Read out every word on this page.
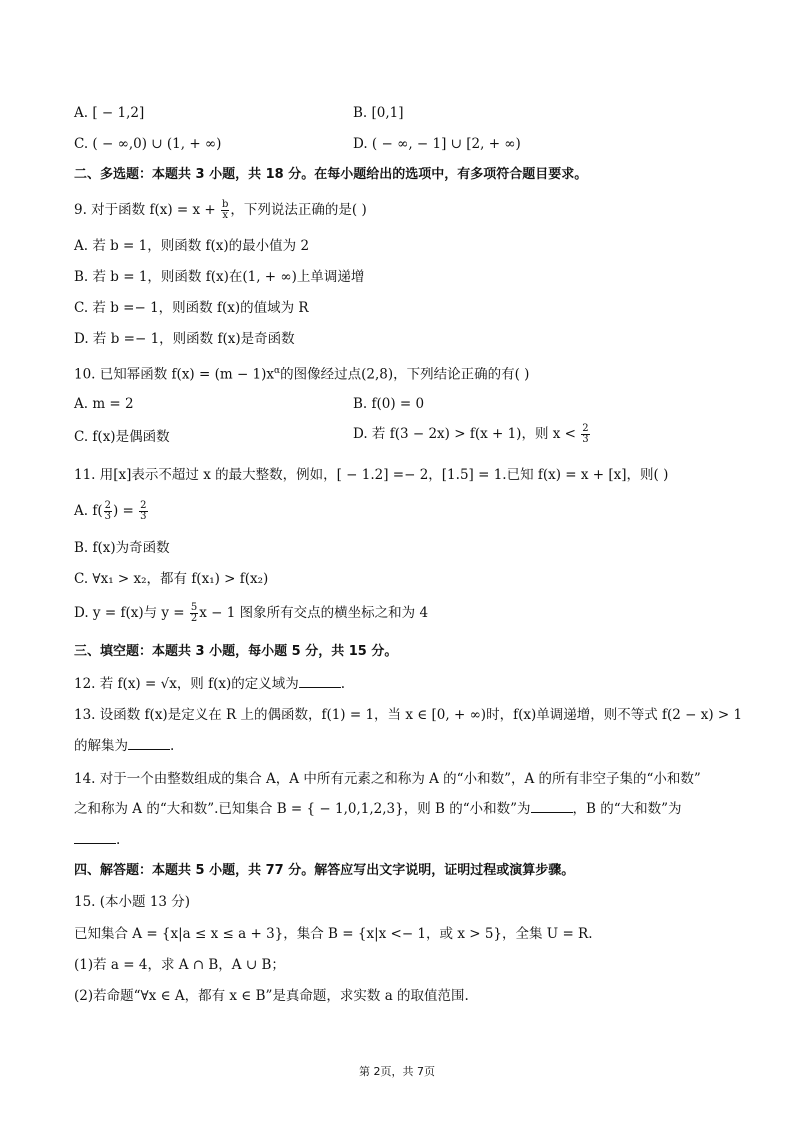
A. [ − 1,2]	B. [0,1]
C. ( − ∞,0) ∪ (1, + ∞)	D. ( − ∞, − 1] ∪ [2, + ∞)
二、多选题：本题共 3 小题，共 18 分。在每小题给出的选项中，有多项符合题目要求。
9. 对于函数 $f(x) = x + \frac{b}{x}$ ，下列说法正确的是( )
A. 若 b = 1，则函数 f(x)的最小值为 2
B. 若 b = 1，则函数 f(x)在(1, + ∞)上单调递增
C. 若 b =− 1，则函数 f(x)的值域为 R
D. 若 b =− 1，则函数 f(x)是奇函数
10. 已知幂函数 $f(x) = (m - 1)x^\alpha$的图像经过点(2,8)，下列结论正确的有( )
A. m = 2	B. f(0) = 0
C. f(x)是偶函数	D. 若 f(3 − 2x) > f(x + 1)，则 $x < \frac{2}{3}$
11. 用[x]表示不超过 x 的最大整数，例如，[ − 1.2] =− 2，[1.5] = 1.已知 f(x) = x + [x]，则( )
A. $f( \frac{2}{3}$ ) = $\frac{2}{3}$
B. f(x)为奇函数
C. ∀x₁ > x₂，都有 f(x₁) > f(x₂)
D. y = f(x)与 $y = \frac{5}{2}$ x − 1 图象所有交点的横坐标之和为 4
三、填空题：本题共 3 小题，每小题 5 分，共 15 分。
12. 若 f(x) = √x，则 f(x)的定义域为	.
13. 设函数 f(x)是定义在 R 上的偶函数，f(1) = 1，当 x ∈ [0, + ∞)时，f(x)单调递增，则不等式 f(2 − x) > 1
的解集为	.
14. 对于一个由整数组成的集合 A，A 中所有元素之和称为 A 的“小和数”，A 的所有非空子集的“小和数”
之和称为 A 的“大和数”.已知集合 B = { − 1,0,1,2,3}，则 B 的“小和数”为	，B 的“大和数”为
.
四、解答题：本题共 5 小题，共 77 分。解答应写出文字说明，证明过程或演算步骤。
15. (本小题 13 分)
已知集合 A = {x|a ≤ x ≤ a + 3}，集合 B = {x|x <− 1，或 x > 5}，全集 U = R.
(1)若 a = 4，求 A ∩ B，A ∪ B；
(2)若命题“∀x ∈ A，都有 x ∈ B”是真命题，求实数 a 的取值范围.
第 2页，共 7页
